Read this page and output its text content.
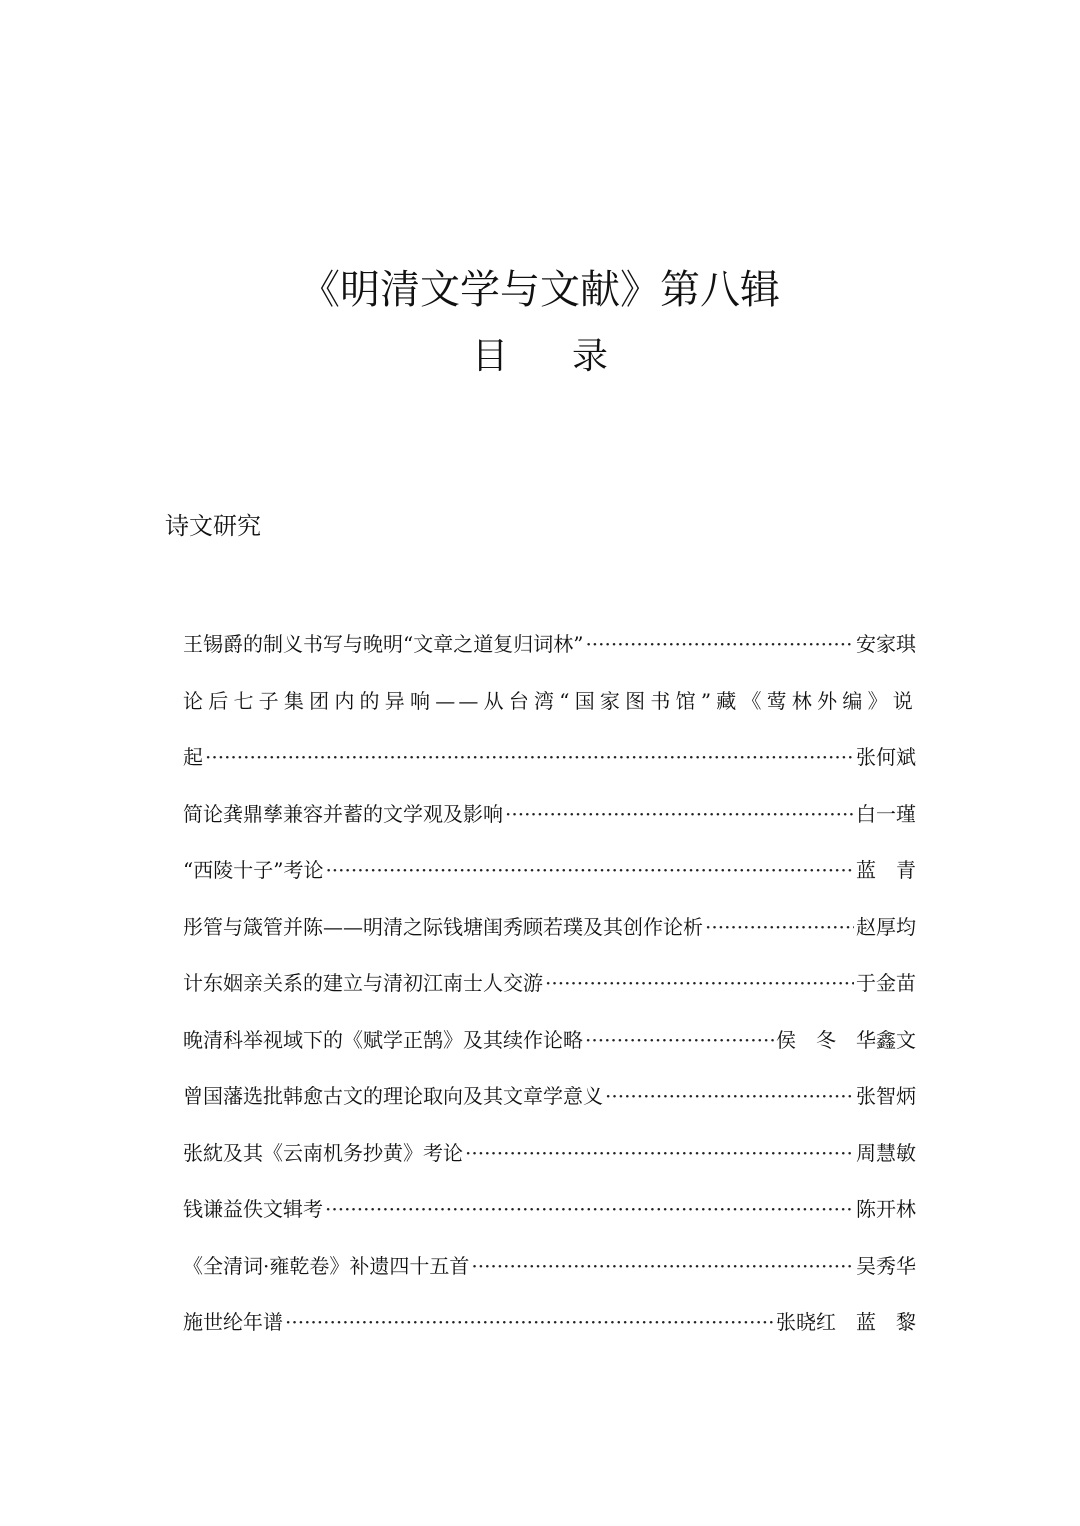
《明清文学与文献》第八辑
目 录
诗文研究
王锡爵的制义书写与晚明“文章之道复归词林” ·····	安家琪
论后七子集团内的异响——从台湾“国家图书馆”藏《莺林外编》说
起 ·····	张何斌
简论龚鼎孳兼容并蓄的文学观及影响 ·····	白一瑾
“西陵十子”考论 ·····	蓝　青
彤管与箴管并陈——明清之际钱塘闺秀顾若璞及其创作论析 ·····	赵厚均
计东姻亲关系的建立与清初江南士人交游 ·····	于金苗
晚清科举视域下的《赋学正鹄》及其续作论略 ·····	侯　冬　华鑫文
曾国藩选批韩愈古文的理论取向及其文章学意义 ·····	张智炳
张紞及其《云南机务抄黄》考论 ·····	周慧敏
钱谦益佚文辑考 ·····	陈开林
《全清词·雍乾卷》补遗四十五首 ·····	吴秀华
施世纶年谱 ·····	张晓红　蓝　黎
